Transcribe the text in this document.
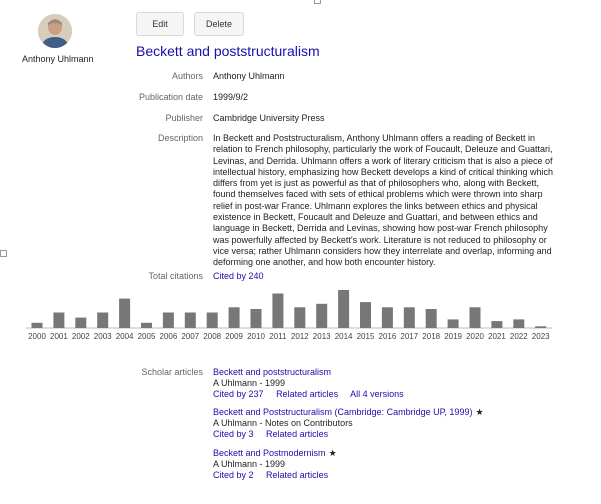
Anthony Uhlmann
Edit	Delete
Beckett and poststructuralism
Authors Anthony Uhlmann
Publication date 1999/9/2
Publisher Cambridge University Press
Description In Beckett and Poststructuralism, Anthony Uhlmann offers a reading of Beckett in relation to French philosophy, particularly the work of Foucault, Deleuze and Guattari, Levinas, and Derrida. Uhlmann offers a work of literary criticism that is also a piece of intellectual history, emphasizing how Beckett develops a kind of critical thinking which differs from yet is just as powerful as that of philosophers who, along with Beckett, found themselves faced with sets of ethical problems which were thrown into sharp relief in post-war France. Uhlmann explores the links between ethics and physical existence in Beckett, Foucault and Deleuze and Guattari, and between ethics and language in Beckett, Derrida and Levinas, showing how post-war French philosophy was powerfully affected by Beckett's work. Literature is not reduced to philosophy or vice versa; rather Uhlmann considers how they interrelate and overlap, informing and deforming one another, and how both encounter history.
Total citations Cited by 240
2000 2001 2002 2003 2004 2005 2006 2007 2008 2009 2010 2011 2012 2013 2014 2015 2016 2017 2018 2019 2020 2021 2022 2023
Scholar articles Beckett and poststructuralism
A Uhlmann - 1999
Cited by 237 Related articles All 4 versions
Beckett and Poststructuralism (Cambridge: Cambridge UP, 1999) ★
A Uhlmann - Notes on Contributors
Cited by 3 Related articles
Beckett and Postmodernism ★
A Uhlmann - 1999
Cited by 2 Related articles
